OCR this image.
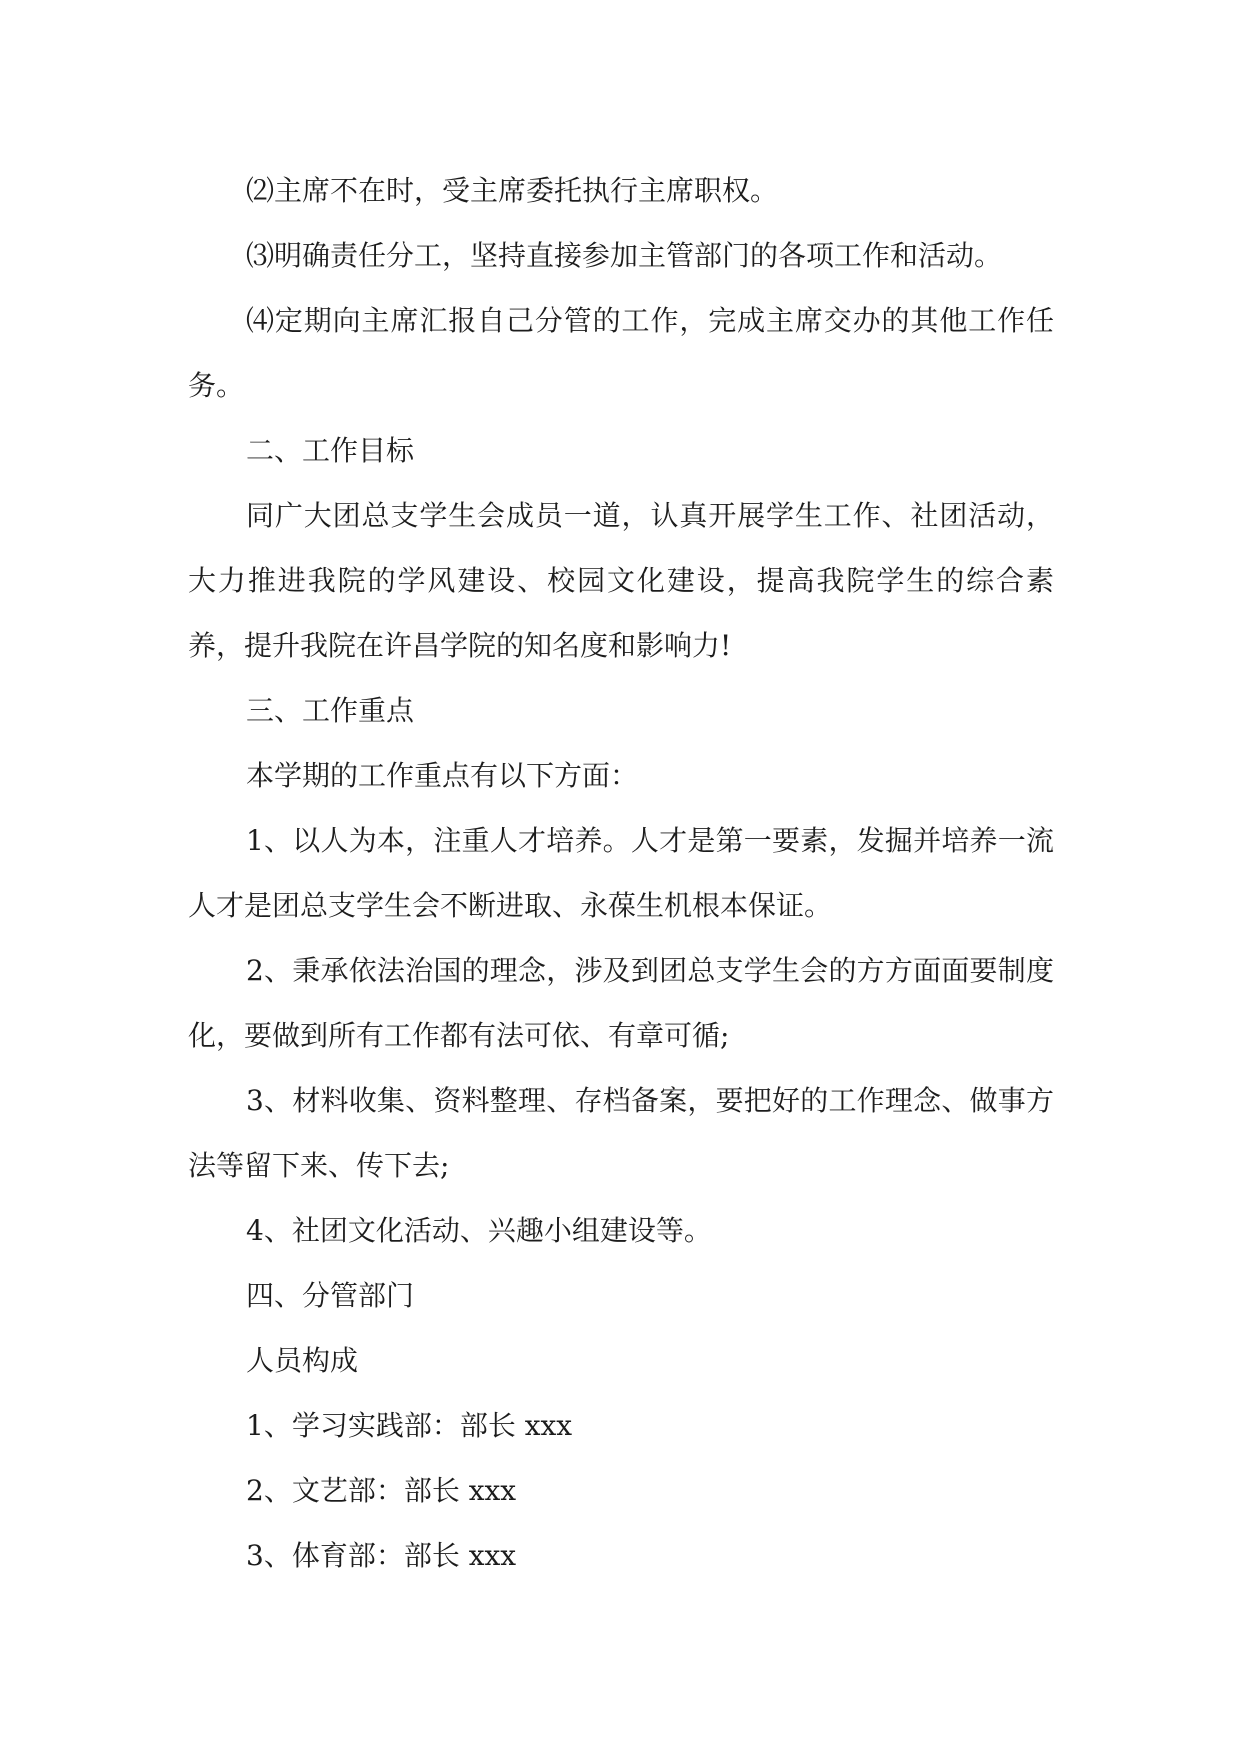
⑵主席不在时，受主席委托执行主席职权。

⑶明确责任分工，坚持直接参加主管部门的各项工作和活动。

⑷定期向主席汇报自己分管的工作，完成主席交办的其他工作任务。

二、工作目标

同广大团总支学生会成员一道，认真开展学生工作、社团活动，大力推进我院的学风建设、校园文化建设，提高我院学生的综合素养，提升我院在许昌学院的知名度和影响力!

三、工作重点

本学期的工作重点有以下方面：

1、以人为本，注重人才培养。人才是第一要素，发掘并培养一流人才是团总支学生会不断进取、永葆生机根本保证。

2、秉承依法治国的理念，涉及到团总支学生会的方方面面要制度化，要做到所有工作都有法可依、有章可循;

3、材料收集、资料整理、存档备案，要把好的工作理念、做事方法等留下来、传下去;

4、社团文化活动、兴趣小组建设等。

四、分管部门

人员构成

1、学习实践部：部长 xxx

2、文艺部：部长 xxx

3、体育部：部长 xxx
